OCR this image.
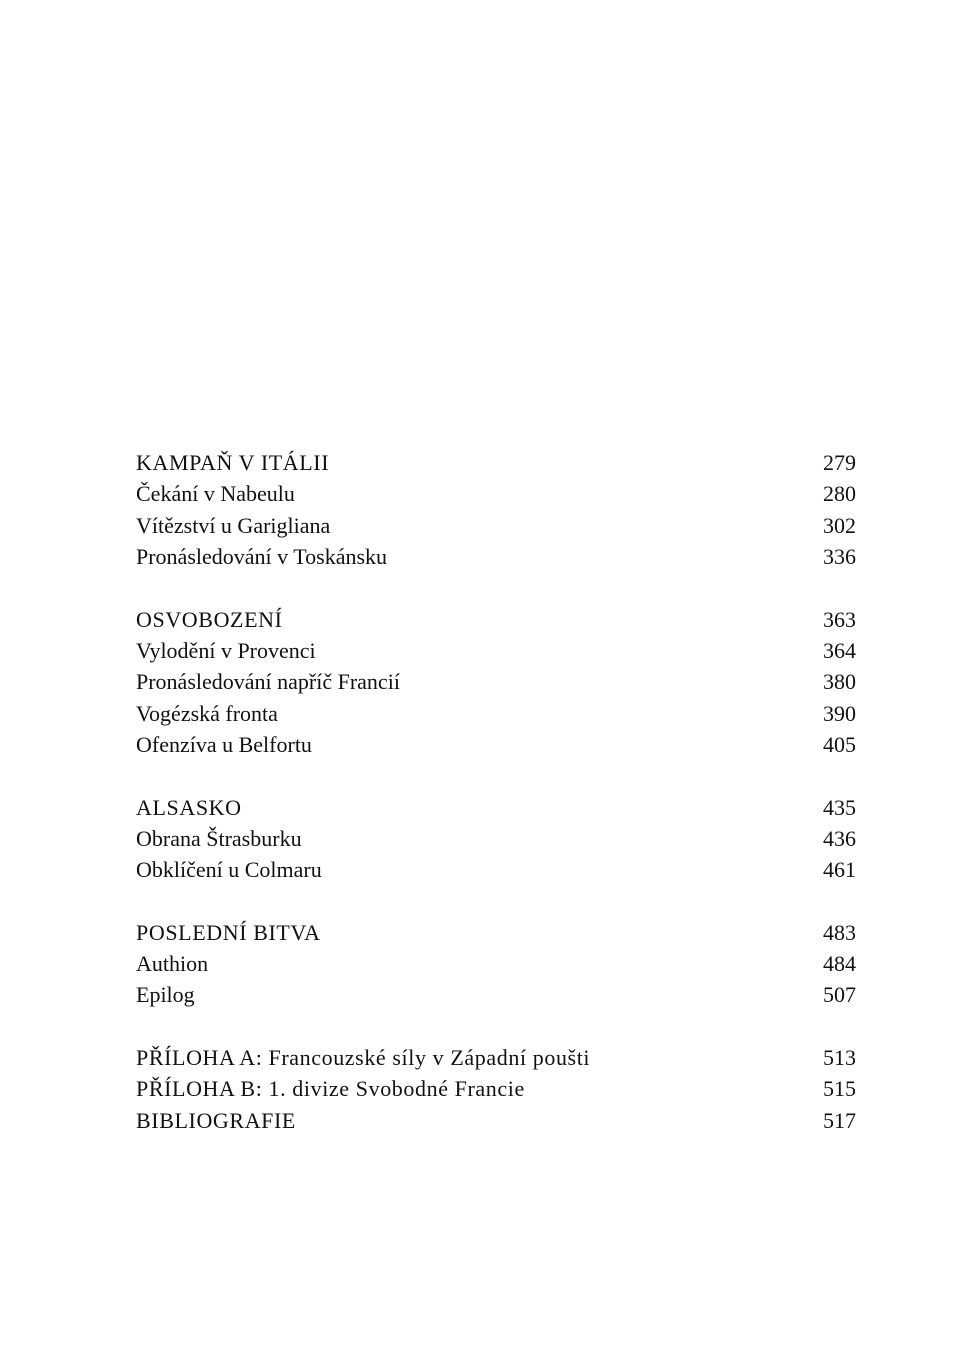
KAMPAŇ V ITÁLII	279
Čekání v Nabeulu	280
Vítězství u Garigliana	302
Pronásledování v Toskánsku	336
OSVOBOZENÍ	363
Vylodění v Provenci	364
Pronásledování napříč Francií	380
Vogézská fronta	390
Ofenzíva u Belfortu	405
ALSASKO	435
Obrana Štrasburku	436
Obklíčení u Colmaru	461
POSLEDNÍ BITVA	483
Authion	484
Epilog	507
PŘÍLOHA A: Francouzské síly v Západní poušti	513
PŘÍLOHA B: 1. divize Svobodné Francie	515
BIBLIOGRAFIE	517
